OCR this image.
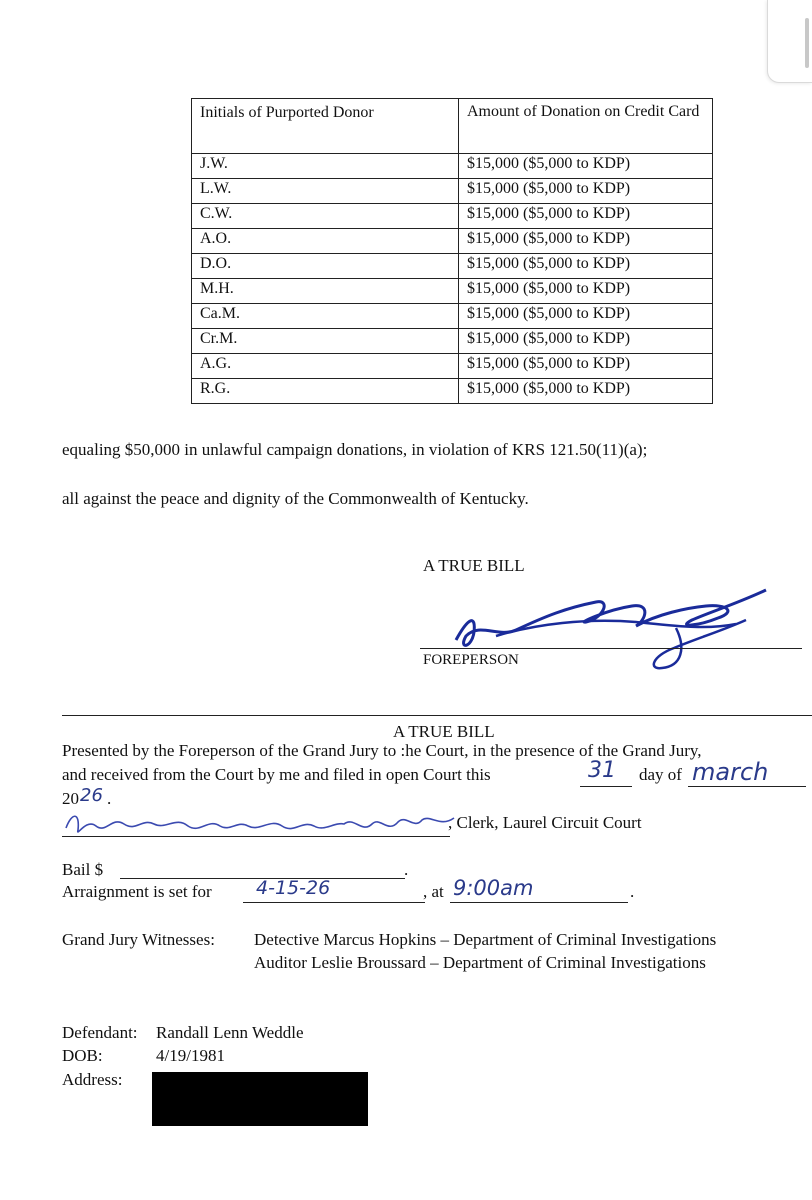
Initials of Purported Donor	Amount of Donation on Credit Card
J.W.	$15,000 ($5,000 to KDP)
L.W.	$15,000 ($5,000 to KDP)
C.W.	$15,000 ($5,000 to KDP)
A.O.	$15,000 ($5,000 to KDP)
D.O.	$15,000 ($5,000 to KDP)
M.H.	$15,000 ($5,000 to KDP)
Ca.M.	$15,000 ($5,000 to KDP)
Cr.M.	$15,000 ($5,000 to KDP)
A.G.	$15,000 ($5,000 to KDP)
R.G.	$15,000 ($5,000 to KDP)
equaling $50,000 in unlawful campaign donations, in violation of KRS 121.50(11)(a);
all against the peace and dignity of the Commonwealth of Kentucky.
A TRUE BILL
FOREPERSON
A TRUE BILL
Presented by the Foreperson of the Grand Jury to :he Court, in the presence of the Grand Jury,
and received from the Court by me and filed in open Court this	31 day of march
20 26 .
, Clerk, Laurel Circuit Court
Bail $	.
Arraignment is set for 4-15-26	, at 9:00am	.
Grand Jury Witnesses: Detective Marcus Hopkins – Department of Criminal Investigations
Auditor Leslie Broussard – Department of Criminal Investigations
Defendant: Randall Lenn Weddle
DOB:	4/19/1981
Address:
